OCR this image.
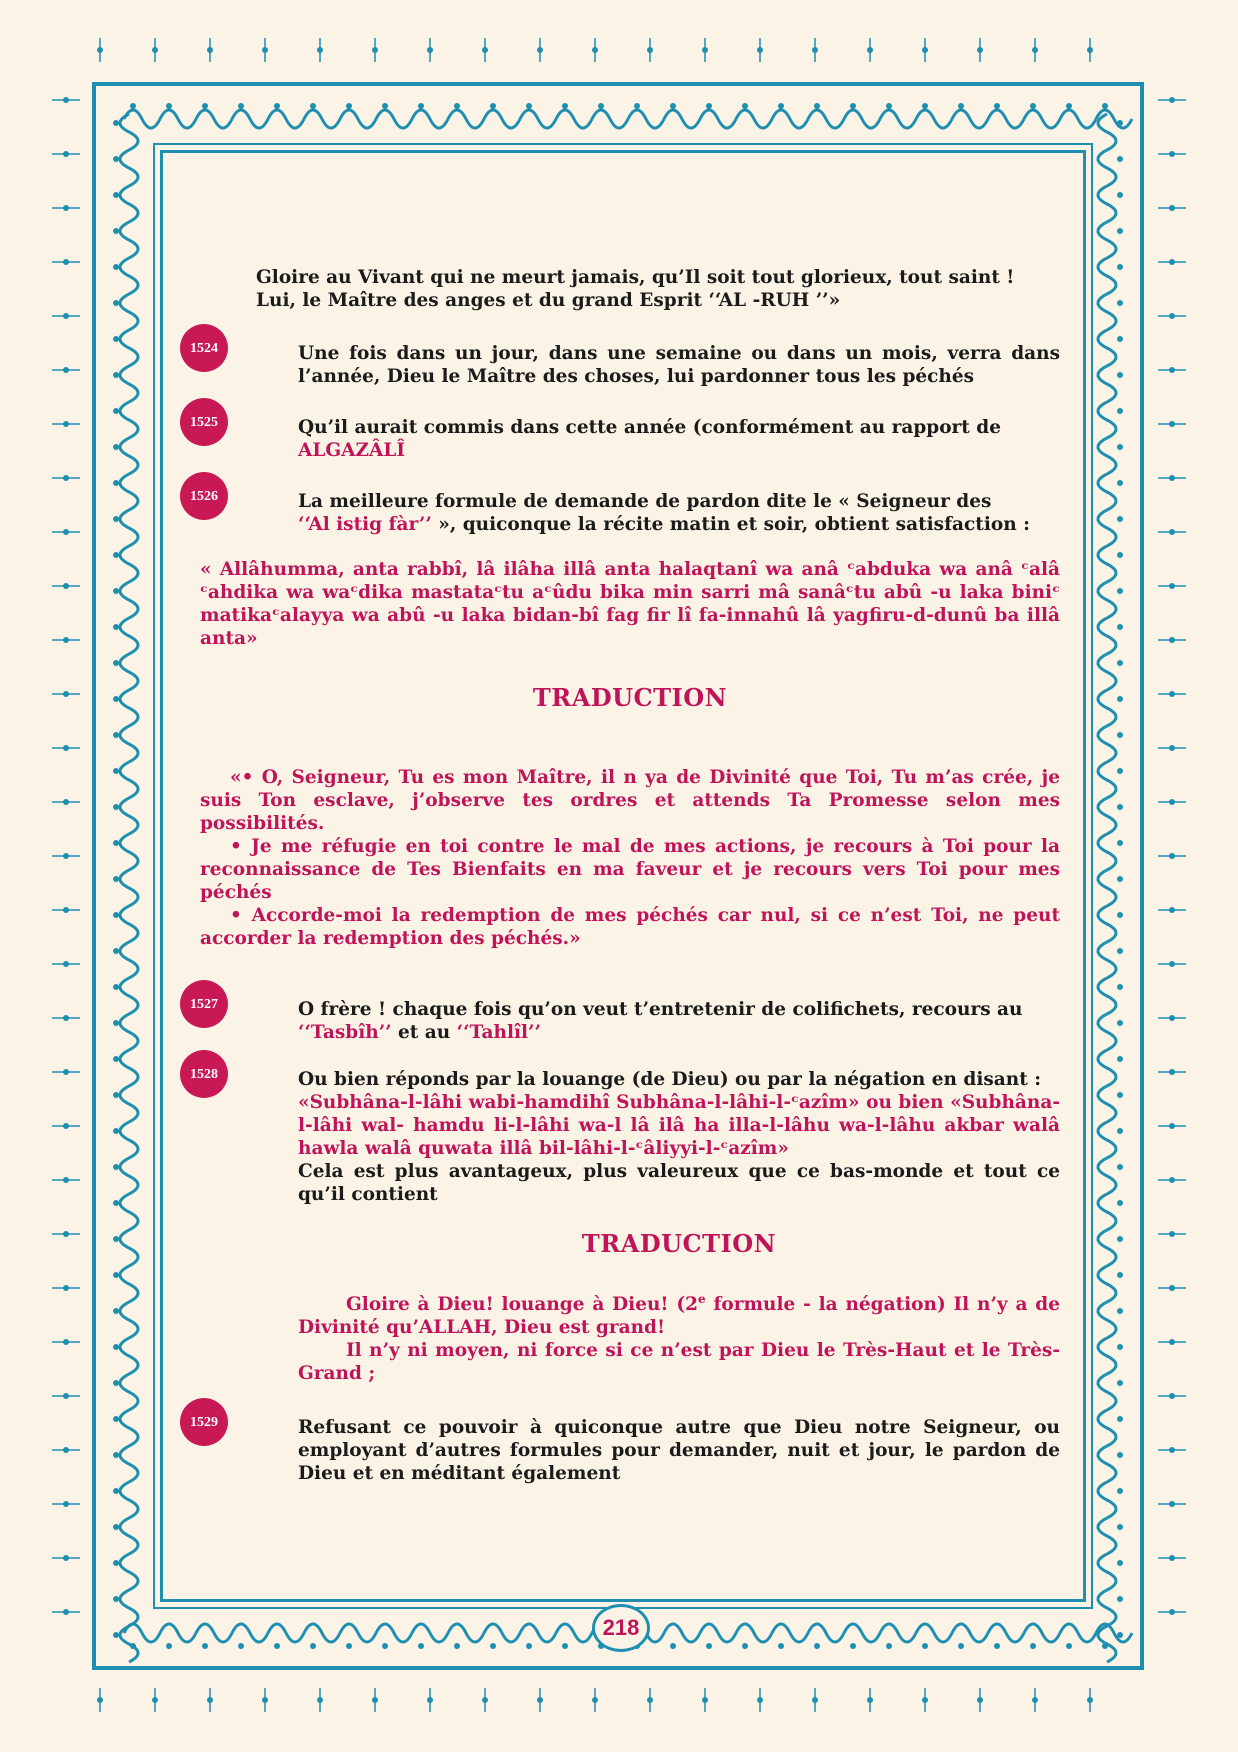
Gloire au Vivant qui ne meurt jamais, qu’Il soit tout glorieux, tout saint !

Lui, le Maître des anges et du grand Esprit ‘‘AL -RUH ’’»

1524	Une fois dans un jour, dans une semaine ou dans un mois, verra dans l’année, Dieu le Maître des choses, lui pardonner tous les péchés

1525	Qu’il aurait commis dans cette année (conformément au rapport de

ALGAZÂLÎ

1526	La meilleure formule de demande de pardon dite le « Seigneur des
‘‘Al istig fàr’’ », quiconque la récite matin et soir, obtient satisfaction :

« Allâhumma, anta rabbî, lâ ilâha illâ anta halaqtanî wa anâ ᶜabduka wa anâ ᶜalâ ᶜahdika wa waᶜdika mastataᶜtu aᶜûdu bika min sarri mâ sanâᶜtu abû -u laka biniᶜ matikaᶜalayya wa abû -u laka bidan-bî fag fir lî fa-innahû lâ yagfiru-d-dunû ba illâ anta»

TRADUCTION

«• O, Seigneur, Tu es mon Maître, il n ya de Divinité que Toi, Tu m’as crée, je suis Ton esclave, j’observe tes ordres et attends Ta Promesse selon mes possibilités.

• Je me réfugie en toi contre le mal de mes actions, je recours à Toi pour la reconnaissance de Tes Bienfaits en ma faveur et je recours vers Toi pour mes péchés

• Accorde-moi la redemption de mes péchés car nul, si ce n’est Toi, ne peut accorder la redemption des péchés.»

1527	O frère ! chaque fois qu’on veut t’entretenir de colifichets, recours au
‘‘Tasbîh’’ et au ‘‘Tahlîl’’

1528	Ou bien réponds par la louange (de Dieu) ou par la négation en disant :

«Subhâna-l-lâhi wabi-hamdihî Subhâna-l-lâhi-l-ᶜazîm» ou bien «Subhâna-l-lâhi wal- hamdu li-l-lâhi wa-l lâ ilâ ha illa-l-lâhu wa-l-lâhu akbar walâ hawla walâ quwata illâ bil-lâhi-l-ᶜâliyyi-l-ᶜazîm»

Cela est plus avantageux, plus valeureux que ce bas-monde et tout ce qu’il contient

TRADUCTION

Gloire à Dieu! louange à Dieu! (2e formule - la négation) Il n’y a de Divinité qu’ALLAH, Dieu est grand!

Il n’y ni moyen, ni force si ce n’est par Dieu le Très-Haut et le Très-Grand ;

1529	Refusant ce pouvoir à quiconque autre que Dieu notre Seigneur, ou employant d’autres formules pour demander, nuit et jour, le pardon de Dieu et en méditant également

218
